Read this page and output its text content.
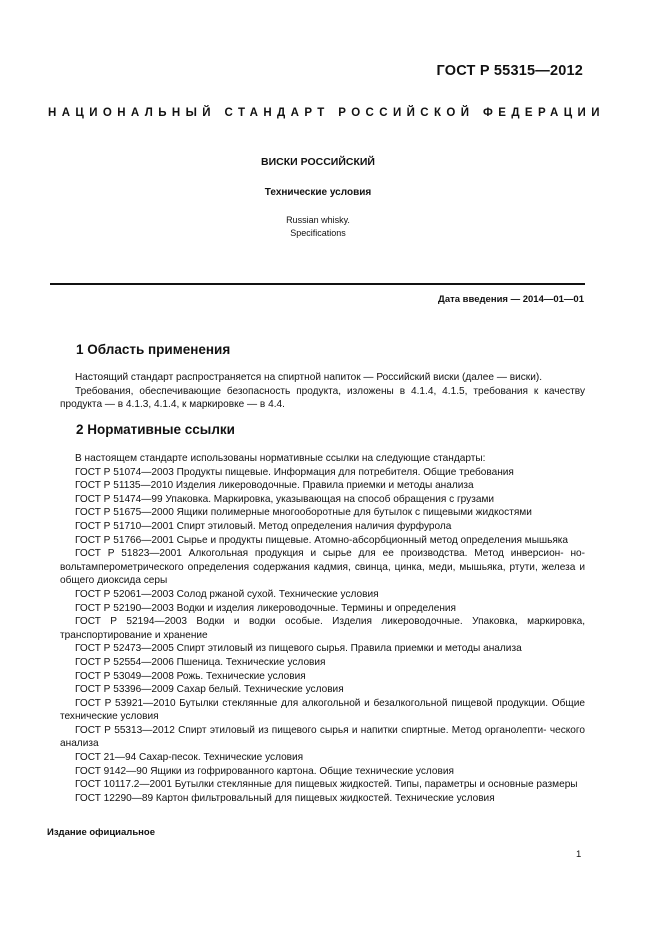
ГОСТ Р 55315—2012
НАЦИОНАЛЬНЫЙ СТАНДАРТ РОССИЙСКОЙ ФЕДЕРАЦИИ
ВИСКИ РОССИЙСКИЙ
Технические условия
Russian whisky.
Specifications
Дата введения — 2014—01—01
1 Область применения

Настоящий стандарт распространяется на спиртной напиток — Российский виски (далее — виски).

Требования, обеспечивающие безопасность продукта, изложены в 4.1.4, 4.1.5, требования к качеству продукта — в 4.1.3, 4.1.4, к маркировке — в 4.4.

2 Нормативные ссылки

В настоящем стандарте использованы нормативные ссылки на следующие стандарты:

ГОСТ Р 51074—2003 Продукты пищевые. Информация для потребителя. Общие требования

ГОСТ Р 51135—2010 Изделия ликероводочные. Правила приемки и методы анализа

ГОСТ Р 51474—99 Упаковка. Маркировка, указывающая на способ обращения с грузами

ГОСТ Р 51675—2000 Ящики полимерные многооборотные для бутылок с пищевыми жидкостями

ГОСТ Р 51710—2001 Спирт этиловый. Метод определения наличия фурфурола

ГОСТ Р 51766—2001 Сырье и продукты пищевые. Атомно-абсорбционный метод определения мышьяка

ГОСТ Р 51823—2001 Алкогольная продукция и сырье для ее производства. Метод инверсион- но-вольтамперометрического определения содержания кадмия, свинца, цинка, меди, мышьяка, ртути, железа и общего диоксида серы

ГОСТ Р 52061—2003 Солод ржаной сухой. Технические условия

ГОСТ Р 52190—2003 Водки и изделия ликероводочные. Термины и определения

ГОСТ Р 52194—2003 Водки и водки особые. Изделия ликероводочные. Упаковка, маркировка, транспортирование и хранение

ГОСТ Р 52473—2005 Спирт этиловый из пищевого сырья. Правила приемки и методы анализа

ГОСТ Р 52554—2006 Пшеница. Технические условия

ГОСТ Р 53049—2008 Рожь. Технические условия

ГОСТ Р 53396—2009 Сахар белый. Технические условия

ГОСТ Р 53921—2010 Бутылки стеклянные для алкогольной и безалкогольной пищевой продукции. Общие технические условия

ГОСТ Р 55313—2012 Спирт этиловый из пищевого сырья и напитки спиртные. Метод органолепти- ческого анализа

ГОСТ 21—94 Сахар-песок. Технические условия

ГОСТ 9142—90 Ящики из гофрированного картона. Общие технические условия

ГОСТ 10117.2—2001 Бутылки стеклянные для пищевых жидкостей. Типы, параметры и основные размеры

ГОСТ 12290—89 Картон фильтровальный для пищевых жидкостей. Технические условия

Издание официальное
1
